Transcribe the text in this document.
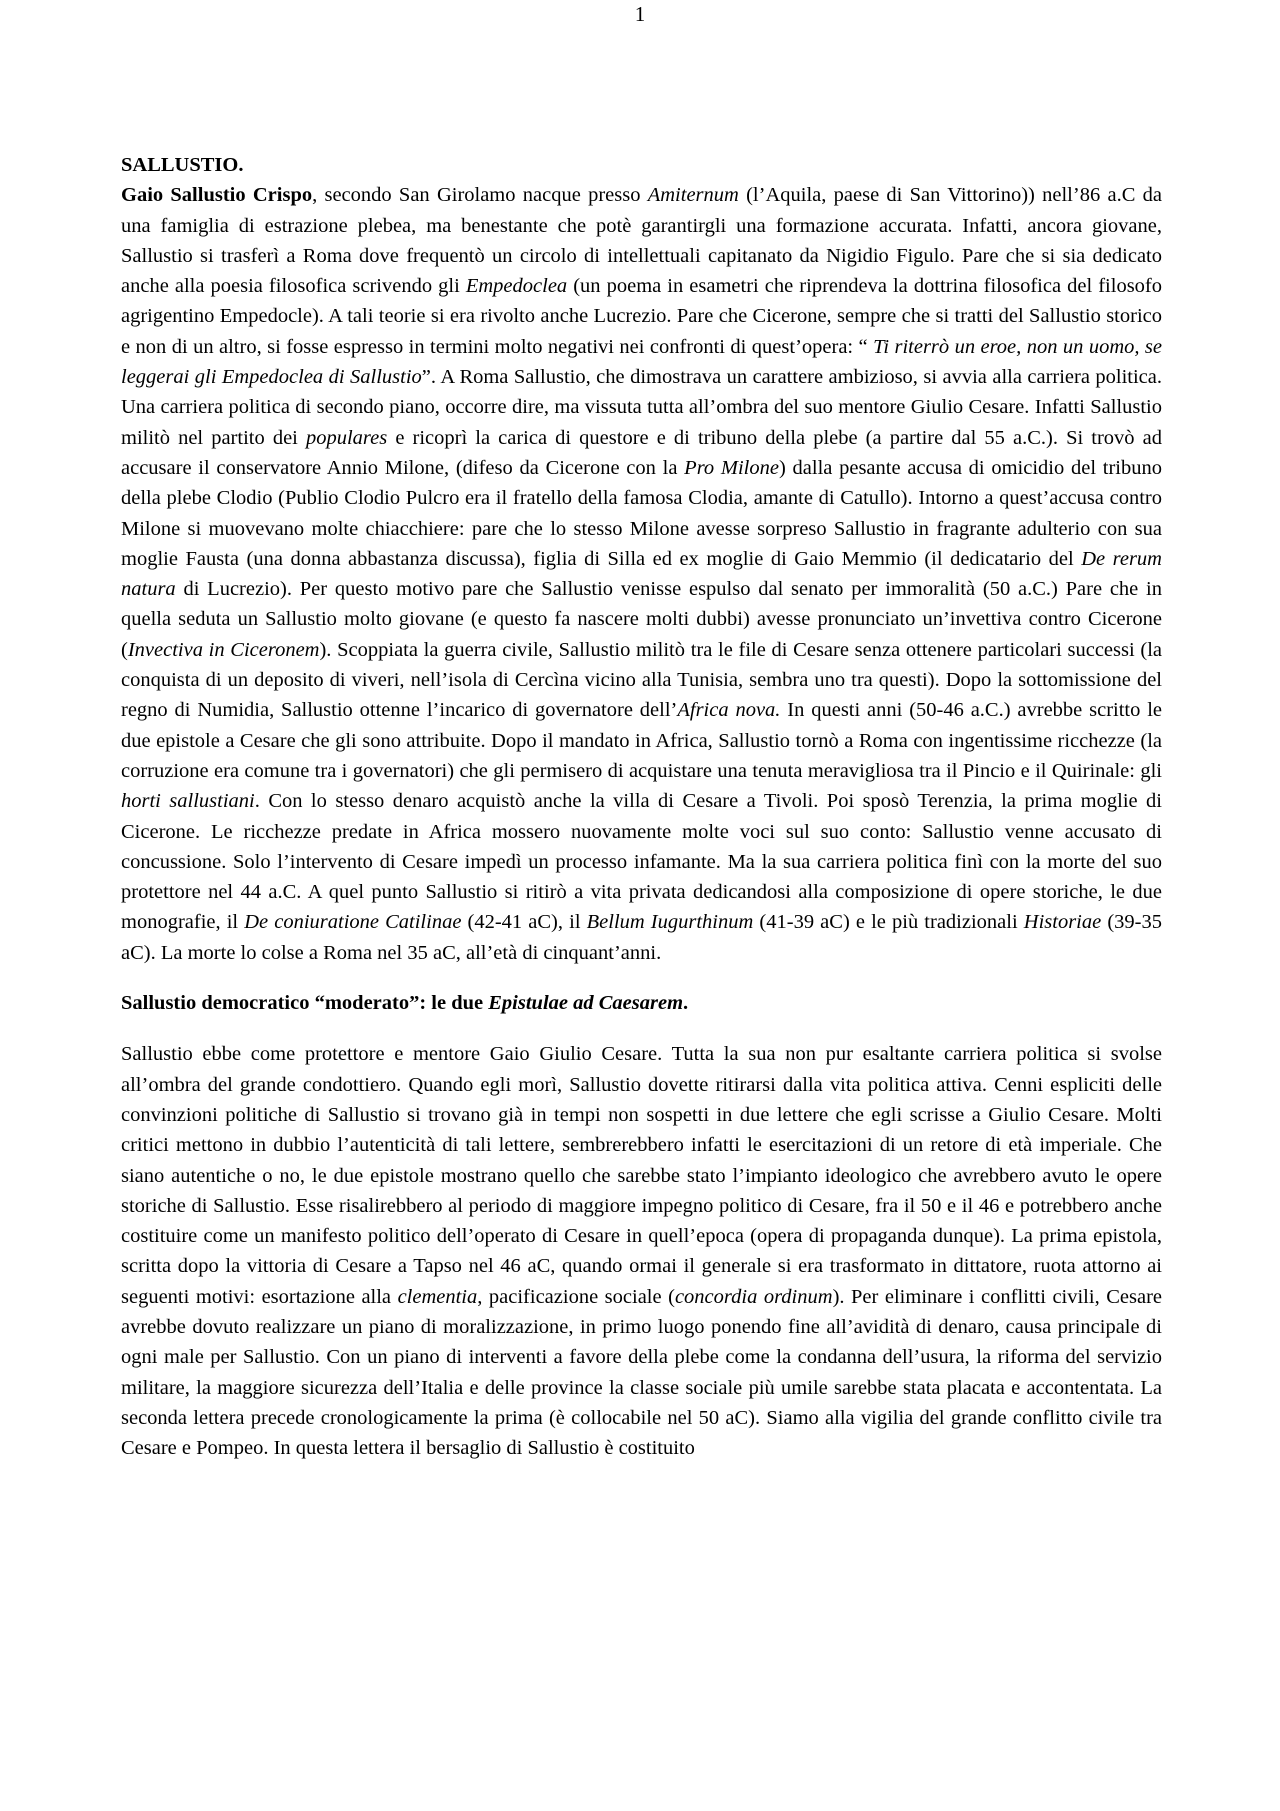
1

SALLUSTIO.

Gaio Sallustio Crispo, secondo San Girolamo nacque presso Amiternum (l’Aquila, paese di San Vittorino)) nell’86 a.C da una famiglia di estrazione plebea, ma benestante che potè garantirgli una formazione accurata. Infatti, ancora giovane, Sallustio si trasferì a Roma dove frequentò un circolo di intellettuali capitanato da Nigidio Figulo. Pare che si sia dedicato anche alla poesia filosofica scrivendo gli Empedoclea (un poema in esametri che riprendeva la dottrina filosofica del filosofo agrigentino Empedocle). A tali teorie si era rivolto anche Lucrezio. Pare che Cicerone, sempre che si tratti del Sallustio storico e non di un altro, si fosse espresso in termini molto negativi nei confronti di quest’opera: “ Ti riterrò un eroe, non un uomo, se leggerai gli Empedoclea di Sallustio”. A Roma Sallustio, che dimostrava un carattere ambizioso, si avvia alla carriera politica. Una carriera politica di secondo piano, occorre dire, ma vissuta tutta all’ombra del suo mentore Giulio Cesare. Infatti Sallustio militò nel partito dei populares e ricoprì la carica di questore e di tribuno della plebe (a partire dal 55 a.C.). Si trovò ad accusare il conservatore Annio Milone, (difeso da Cicerone con la Pro Milone) dalla pesante accusa di omicidio del tribuno della plebe Clodio (Publio Clodio Pulcro era il fratello della famosa Clodia, amante di Catullo). Intorno a quest’accusa contro Milone si muovevano molte chiacchiere: pare che lo stesso Milone avesse sorpreso Sallustio in fragrante adulterio con sua moglie Fausta (una donna abbastanza discussa), figlia di Silla ed ex moglie di Gaio Memmio (il dedicatario del De rerum natura di Lucrezio). Per questo motivo pare che Sallustio venisse espulso dal senato per immoralità (50 a.C.) Pare che in quella seduta un Sallustio molto giovane (e questo fa nascere molti dubbi) avesse pronunciato un’invettiva contro Cicerone (Invectiva in Ciceronem). Scoppiata la guerra civile, Sallustio militò tra le file di Cesare senza ottenere particolari successi (la conquista di un deposito di viveri, nell’isola di Cercìna vicino alla Tunisia, sembra uno tra questi). Dopo la sottomissione del regno di Numidia, Sallustio ottenne l’incarico di governatore dell’Africa nova. In questi anni (50-46 a.C.) avrebbe scritto le due epistole a Cesare che gli sono attribuite. Dopo il mandato in Africa, Sallustio tornò a Roma con ingentissime ricchezze (la corruzione era comune tra i governatori) che gli permisero di acquistare una tenuta meravigliosa tra il Pincio e il Quirinale: gli horti sallustiani. Con lo stesso denaro acquistò anche la villa di Cesare a Tivoli. Poi sposò Terenzia, la prima moglie di Cicerone. Le ricchezze predate in Africa mossero nuovamente molte voci sul suo conto: Sallustio venne accusato di concussione. Solo l’intervento di Cesare impedì un processo infamante. Ma la sua carriera politica finì con la morte del suo protettore nel 44 a.C. A quel punto Sallustio si ritirò a vita privata dedicandosi alla composizione di opere storiche, le due monografie, il De coniuratione Catilinae (42-41 aC), il Bellum Iugurthinum (41-39 aC) e le più tradizionali Historiae (39-35 aC). La morte lo colse a Roma nel 35 aC, all’età di cinquant’anni.

Sallustio democratico “moderato”: le due Epistulae ad Caesarem.

Sallustio ebbe come protettore e mentore Gaio Giulio Cesare. Tutta la sua non pur esaltante carriera politica si svolse all’ombra del grande condottiero. Quando egli morì, Sallustio dovette ritirarsi dalla vita politica attiva. Cenni espliciti delle convinzioni politiche di Sallustio si trovano già in tempi non sospetti in due lettere che egli scrisse a Giulio Cesare. Molti critici mettono in dubbio l’autenticità di tali lettere, sembrerebbero infatti le esercitazioni di un retore di età imperiale. Che siano autentiche o no, le due epistole mostrano quello che sarebbe stato l’impianto ideologico che avrebbero avuto le opere storiche di Sallustio. Esse risalirebbero al periodo di maggiore impegno politico di Cesare, fra il 50 e il 46 e potrebbero anche costituire come un manifesto politico dell’operato di Cesare in quell’epoca (opera di propaganda dunque). La prima epistola, scritta dopo la vittoria di Cesare a Tapso nel 46 aC, quando ormai il generale si era trasformato in dittatore, ruota attorno ai seguenti motivi: esortazione alla clementia, pacificazione sociale (concordia ordinum). Per eliminare i conflitti civili, Cesare avrebbe dovuto realizzare un piano di moralizzazione, in primo luogo ponendo fine all’avidità di denaro, causa principale di ogni male per Sallustio. Con un piano di interventi a favore della plebe come la condanna dell’usura, la riforma del servizio militare, la maggiore sicurezza dell’Italia e delle province la classe sociale più umile sarebbe stata placata e accontentata. La seconda lettera precede cronologicamente la prima (è collocabile nel 50 aC). Siamo alla vigilia del grande conflitto civile tra Cesare e Pompeo. In questa lettera il bersaglio di Sallustio è costituito
